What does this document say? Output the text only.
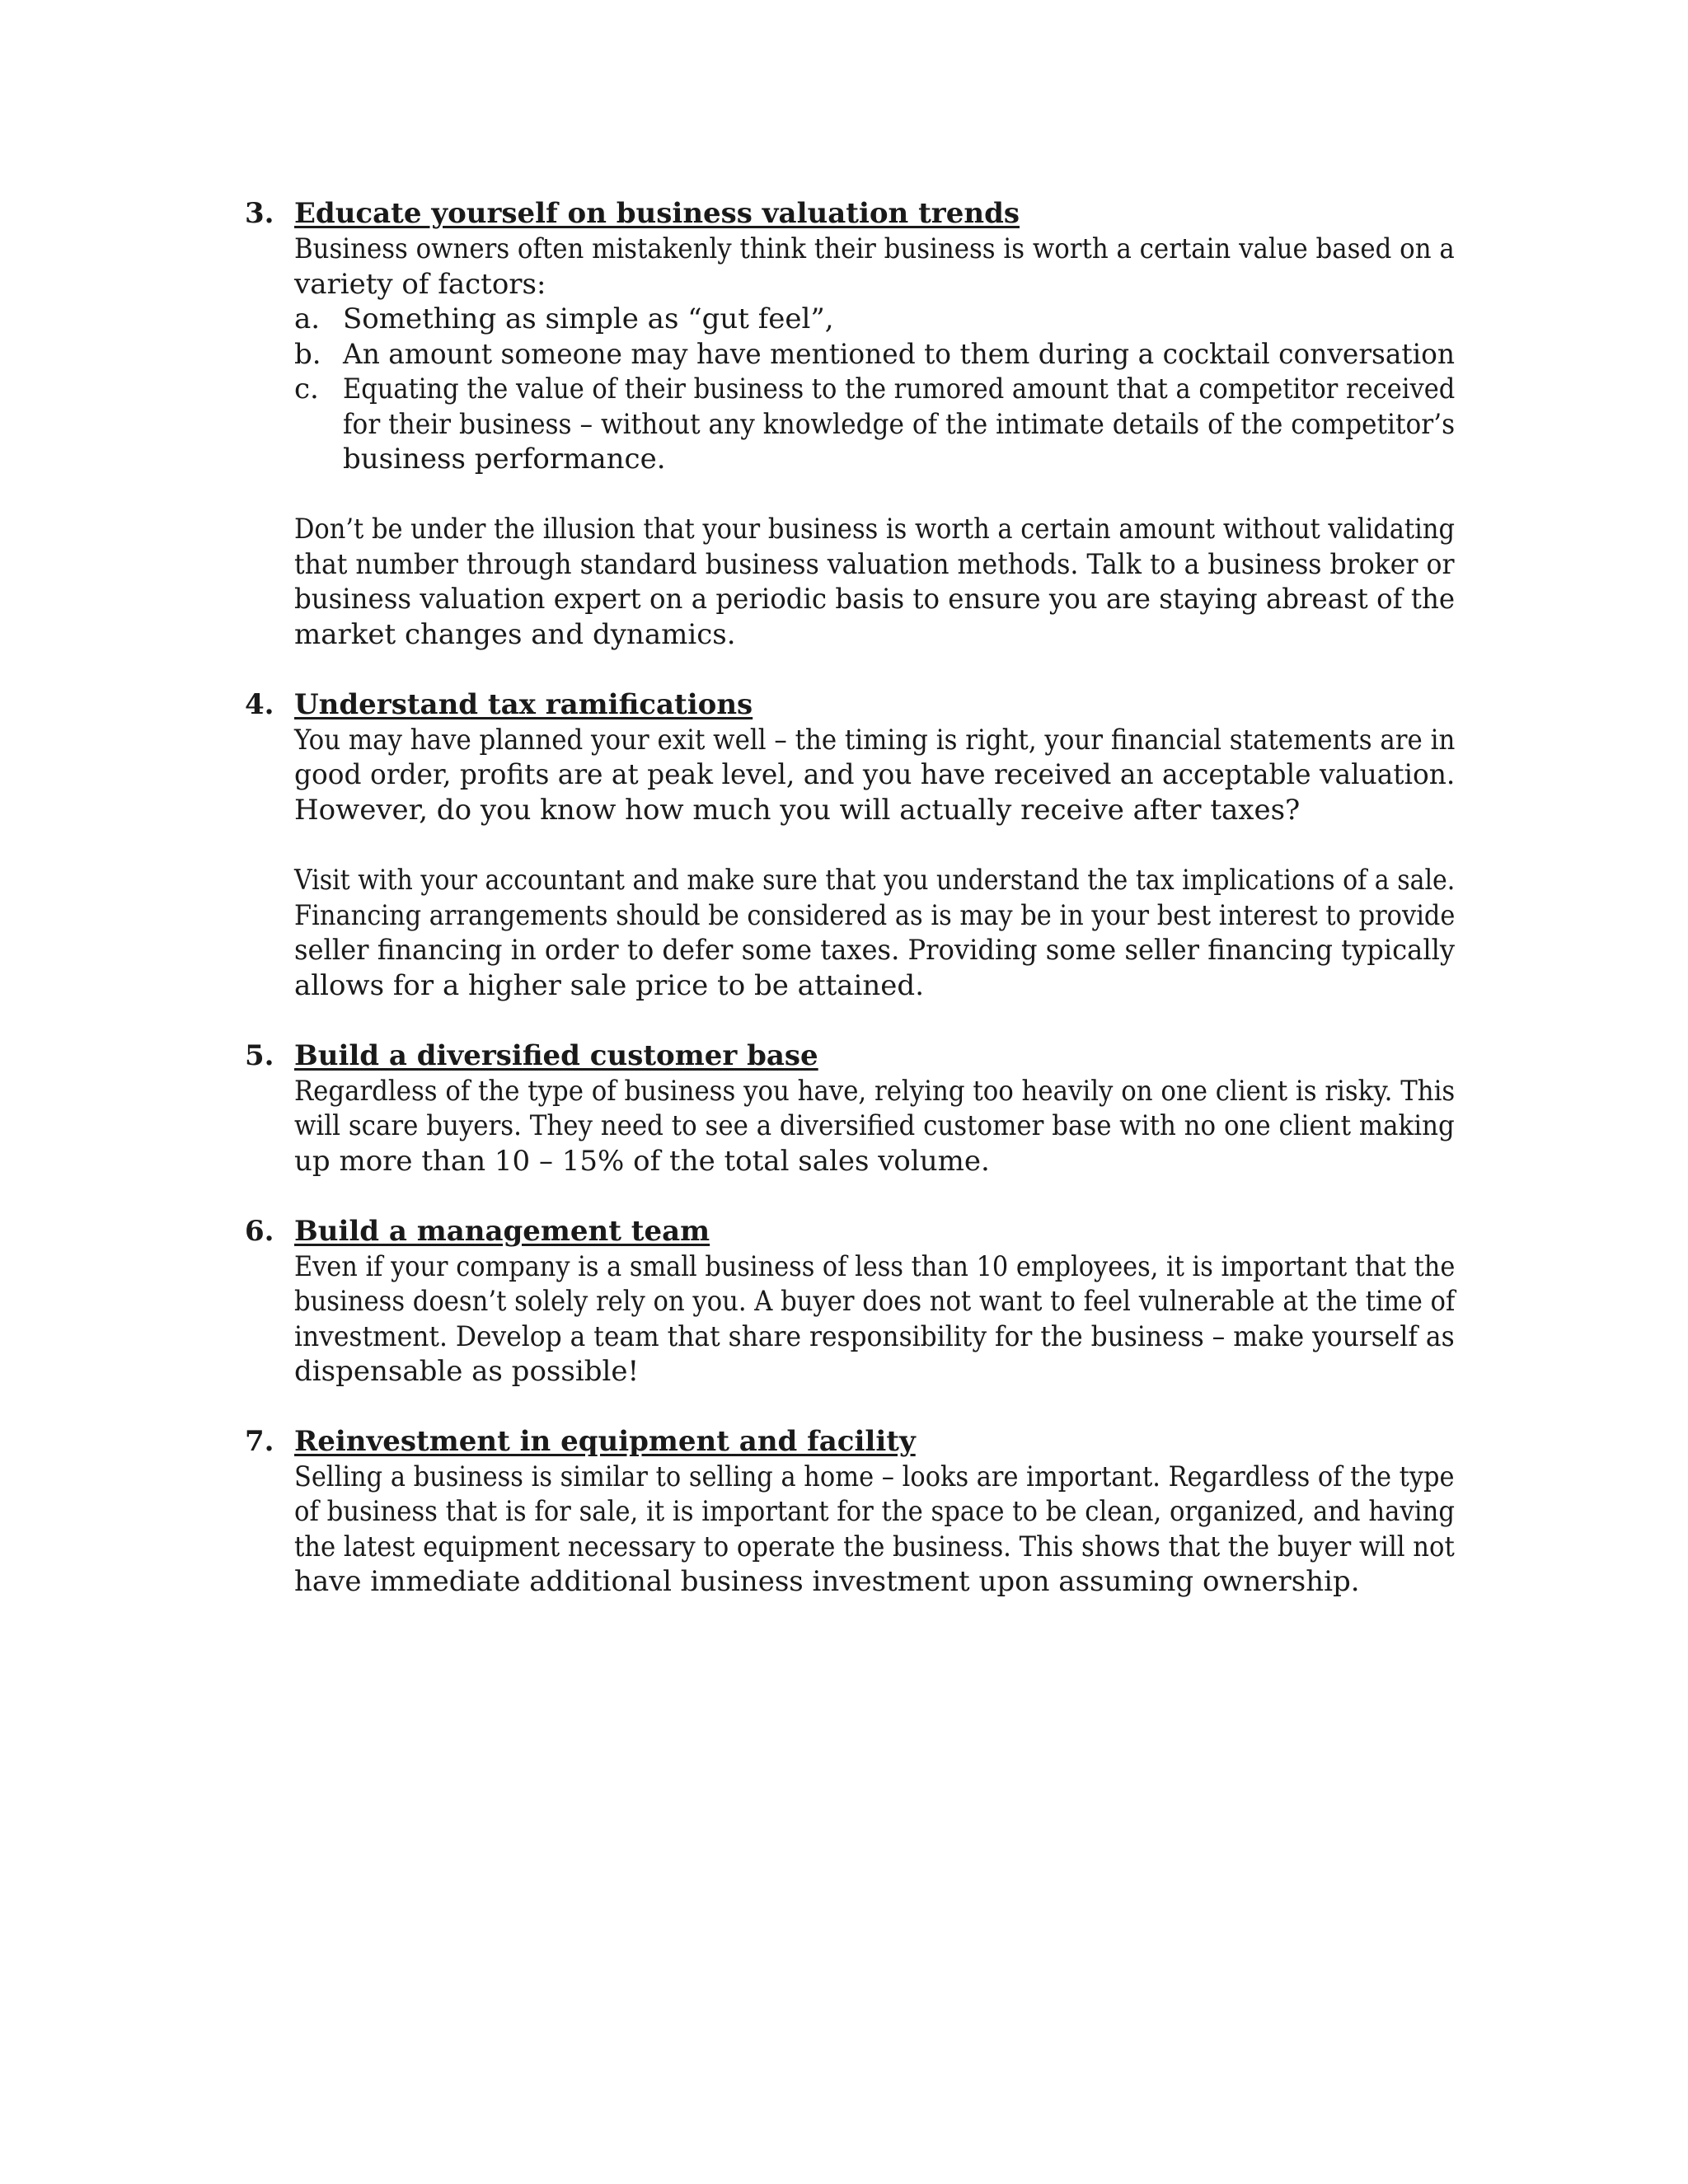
3. Educate yourself on business valuation trends
Business owners often mistakenly think their business is worth a certain value based on a
variety of factors:
a. Something as simple as “gut feel”,
b. An amount someone may have mentioned to them during a cocktail conversation
c. Equating the value of their business to the rumored amount that a competitor received
for their business – without any knowledge of the intimate details of the competitor’s
business performance.
Don’t be under the illusion that your business is worth a certain amount without validating
that number through standard business valuation methods. Talk to a business broker or
business valuation expert on a periodic basis to ensure you are staying abreast of the
market changes and dynamics.
4. Understand tax ramifications
You may have planned your exit well – the timing is right, your financial statements are in
good order, profits are at peak level, and you have received an acceptable valuation.
However, do you know how much you will actually receive after taxes?
Visit with your accountant and make sure that you understand the tax implications of a sale.
Financing arrangements should be considered as is may be in your best interest to provide
seller financing in order to defer some taxes. Providing some seller financing typically
allows for a higher sale price to be attained.
5. Build a diversified customer base
Regardless of the type of business you have, relying too heavily on one client is risky. This
will scare buyers. They need to see a diversified customer base with no one client making
up more than 10 – 15% of the total sales volume.
6. Build a management team
Even if your company is a small business of less than 10 employees, it is important that the
business doesn’t solely rely on you. A buyer does not want to feel vulnerable at the time of
investment. Develop a team that share responsibility for the business – make yourself as
dispensable as possible!
7. Reinvestment in equipment and facility
Selling a business is similar to selling a home – looks are important. Regardless of the type
of business that is for sale, it is important for the space to be clean, organized, and having
the latest equipment necessary to operate the business. This shows that the buyer will not
have immediate additional business investment upon assuming ownership.
